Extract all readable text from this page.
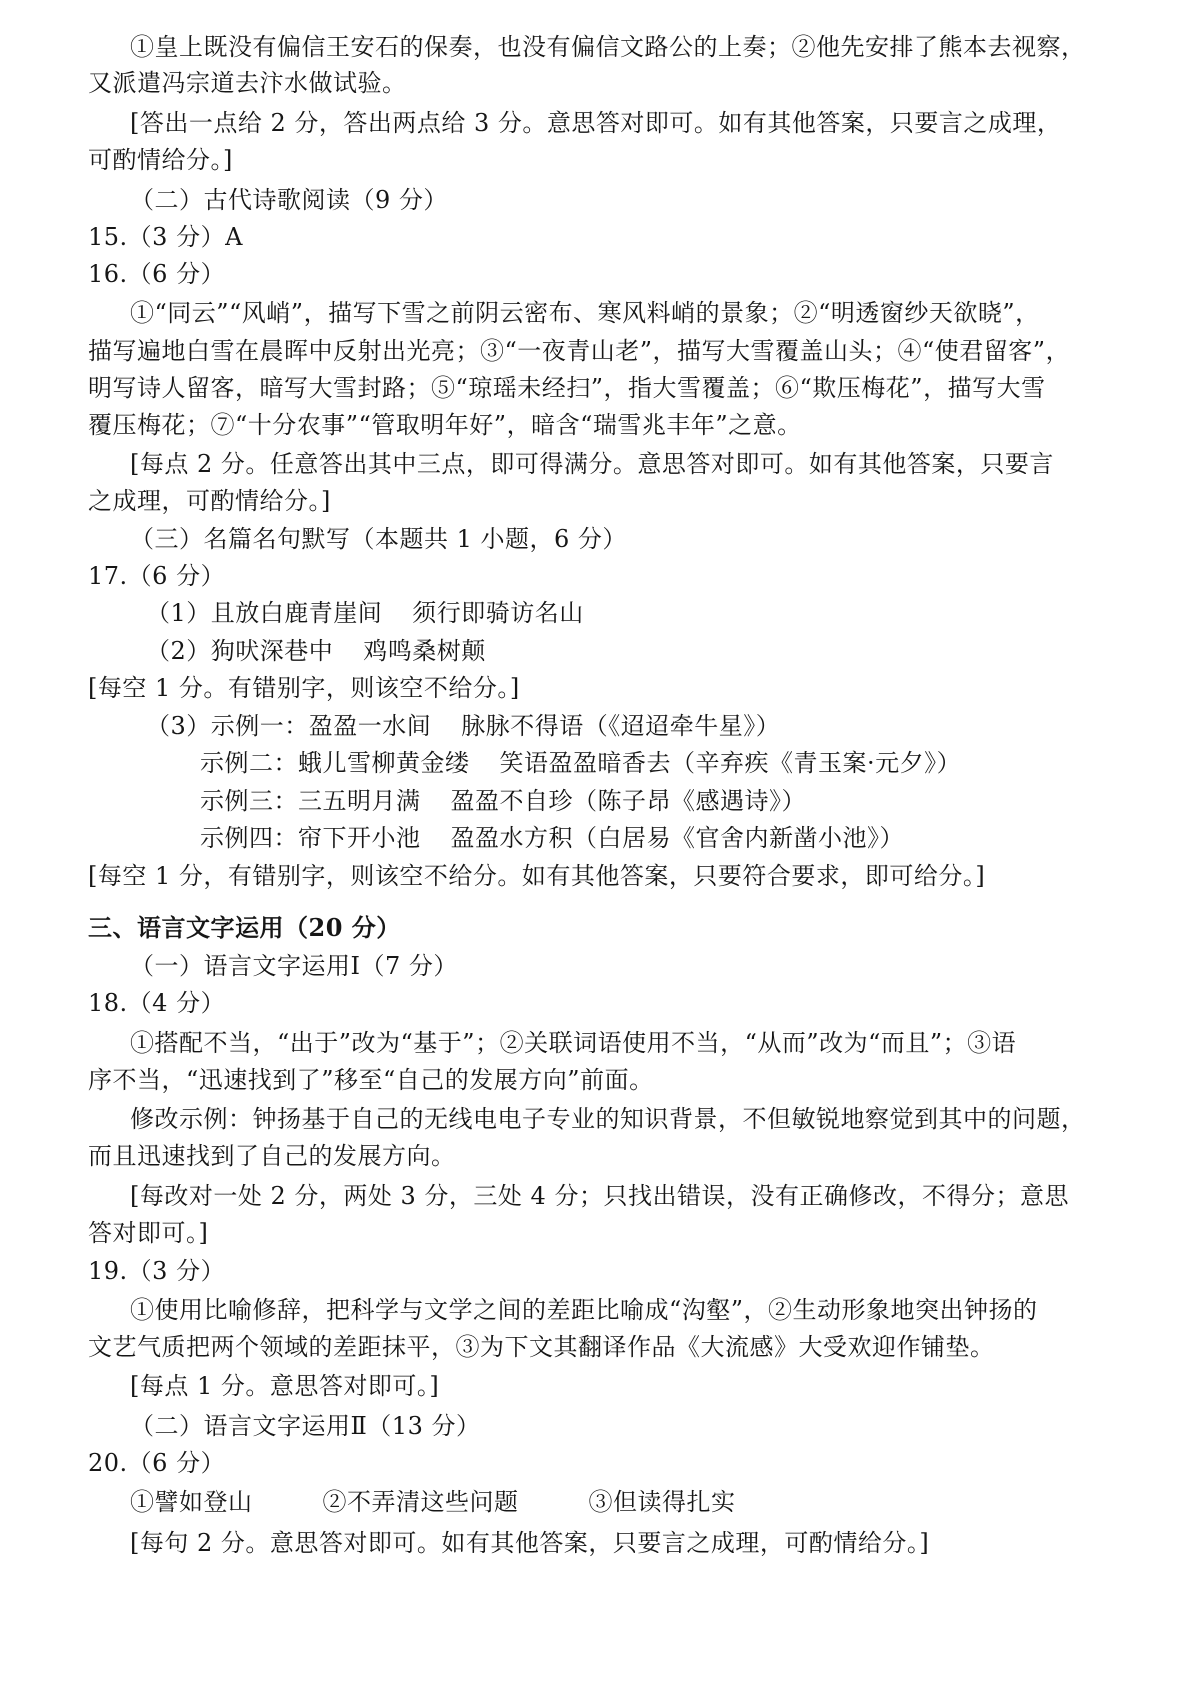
①皇上既没有偏信王安石的保奏，也没有偏信文路公的上奏；②他先安排了熊本去视察，
又派遣冯宗道去汴水做试验。
[答出一点给 2 分，答出两点给 3 分。意思答对即可。如有其他答案，只要言之成理，
可酌情给分。]
（二）古代诗歌阅读（9 分）
15.（3 分）A
16.（6 分）
①“同云”“风峭”，描写下雪之前阴云密布、寒风料峭的景象；②“明透窗纱天欲晓”，
描写遍地白雪在晨晖中反射出光亮；③“一夜青山老”，描写大雪覆盖山头；④“使君留客”，
明写诗人留客，暗写大雪封路；⑤“琼瑶未经扫”，指大雪覆盖；⑥“欺压梅花”，描写大雪
覆压梅花；⑦“十分农事”“管取明年好”，暗含“瑞雪兆丰年”之意。
[每点 2 分。任意答出其中三点，即可得满分。意思答对即可。如有其他答案，只要言
之成理，可酌情给分。]
（三）名篇名句默写（本题共 1 小题，6 分）
17.（6 分）
（1）且放白鹿青崖间 须行即骑访名山
（2）狗吠深巷中 鸡鸣桑树颠
[每空 1 分。有错别字，则该空不给分。]
（3）示例一：盈盈一水间 脉脉不得语（《迢迢牵牛星》）
示例二：蛾儿雪柳黄金缕 笑语盈盈暗香去（辛弃疾《青玉案·元夕》）
示例三：三五明月满 盈盈不自珍（陈子昂《感遇诗》）
示例四：帘下开小池 盈盈水方积（白居易《官舍内新凿小池》）
[每空 1 分，有错别字，则该空不给分。如有其他答案，只要符合要求，即可给分。]
三、语言文字运用（20 分）
（一）语言文字运用Ⅰ（7 分）
18.（4 分）
①搭配不当，“出于”改为“基于”；②关联词语使用不当，“从而”改为“而且”；③语
序不当，“迅速找到了”移至“自己的发展方向”前面。
修改示例：钟扬基于自己的无线电电子专业的知识背景，不但敏锐地察觉到其中的问题，
而且迅速找到了自己的发展方向。
[每改对一处 2 分，两处 3 分，三处 4 分；只找出错误，没有正确修改，不得分；意思
答对即可。]
19.（3 分）
①使用比喻修辞，把科学与文学之间的差距比喻成“沟壑”，②生动形象地突出钟扬的
文艺气质把两个领域的差距抹平，③为下文其翻译作品《大流感》大受欢迎作铺垫。
[每点 1 分。意思答对即可。]
（二）语言文字运用Ⅱ（13 分）
20.（6 分）
①譬如登山	②不弄清这些问题	③但读得扎实
[每句 2 分。意思答对即可。如有其他答案，只要言之成理，可酌情给分。]
